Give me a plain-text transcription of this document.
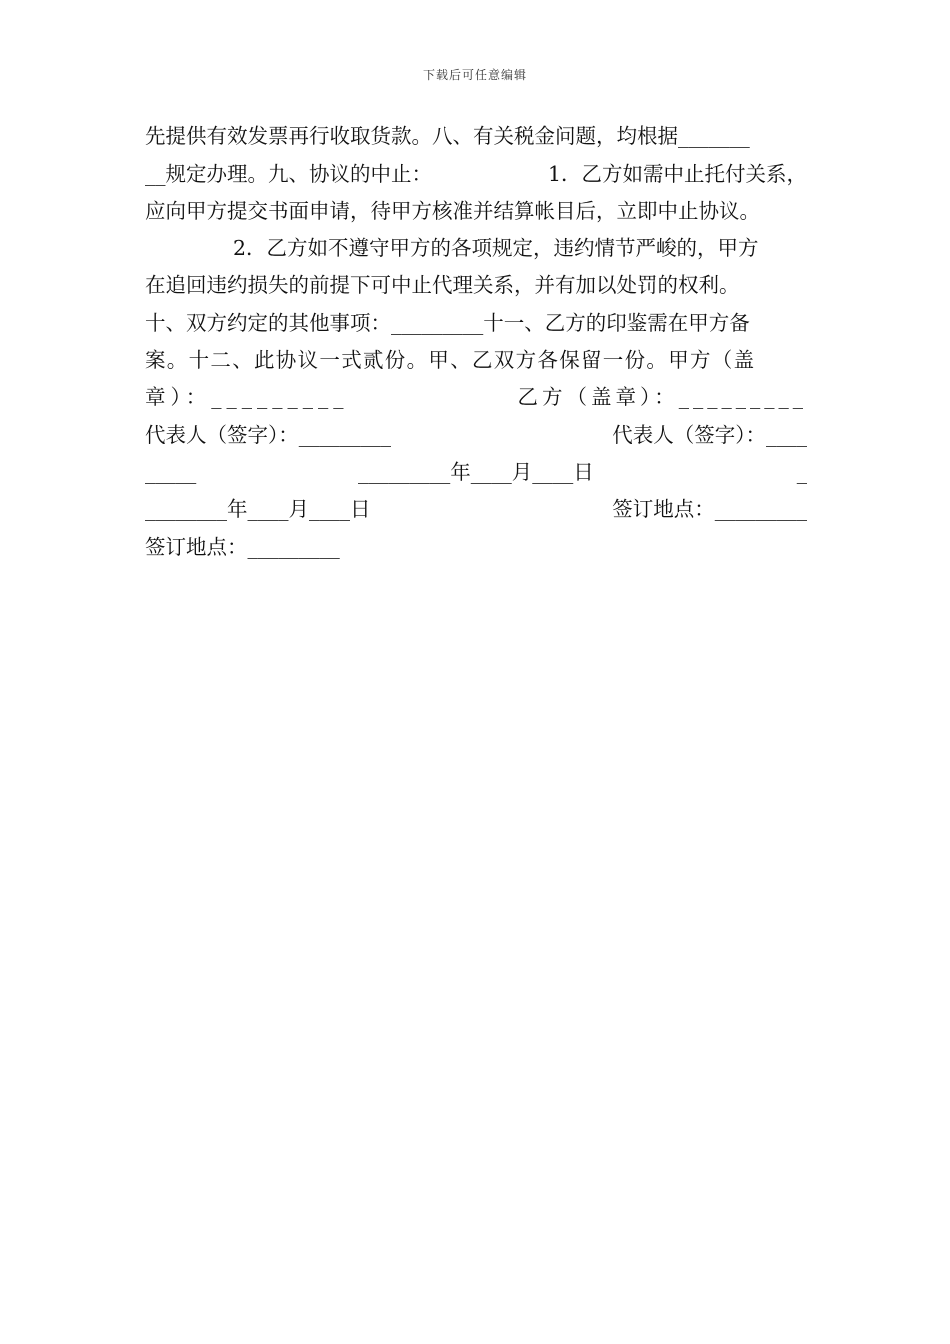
下载后可任意编辑
先提供有效发票再行收取货款。八、有关税金问题，均根据_______
__规定办理。九、协议的中止：	1．乙方如需中止托付关系，
应向甲方提交书面申请，待甲方核准并结算帐目后，立即中止协议。
2．乙方如不遵守甲方的各项规定，违约情节严峻的，甲方
在追回违约损失的前提下可中止代理关系，并有加以处罚的权利。
十、双方约定的其他事项：_________十一、乙方的印鉴需在甲方备
案。十二、此协议一式贰份。甲、乙双方各保留一份。甲方（盖
章）：_________	乙方（盖章）：_________
代表人（签字）：_________	代表人（签字）：____
_____	_________年____月____日	_
________年____月____日	签订地点：_________
签订地点：_________
